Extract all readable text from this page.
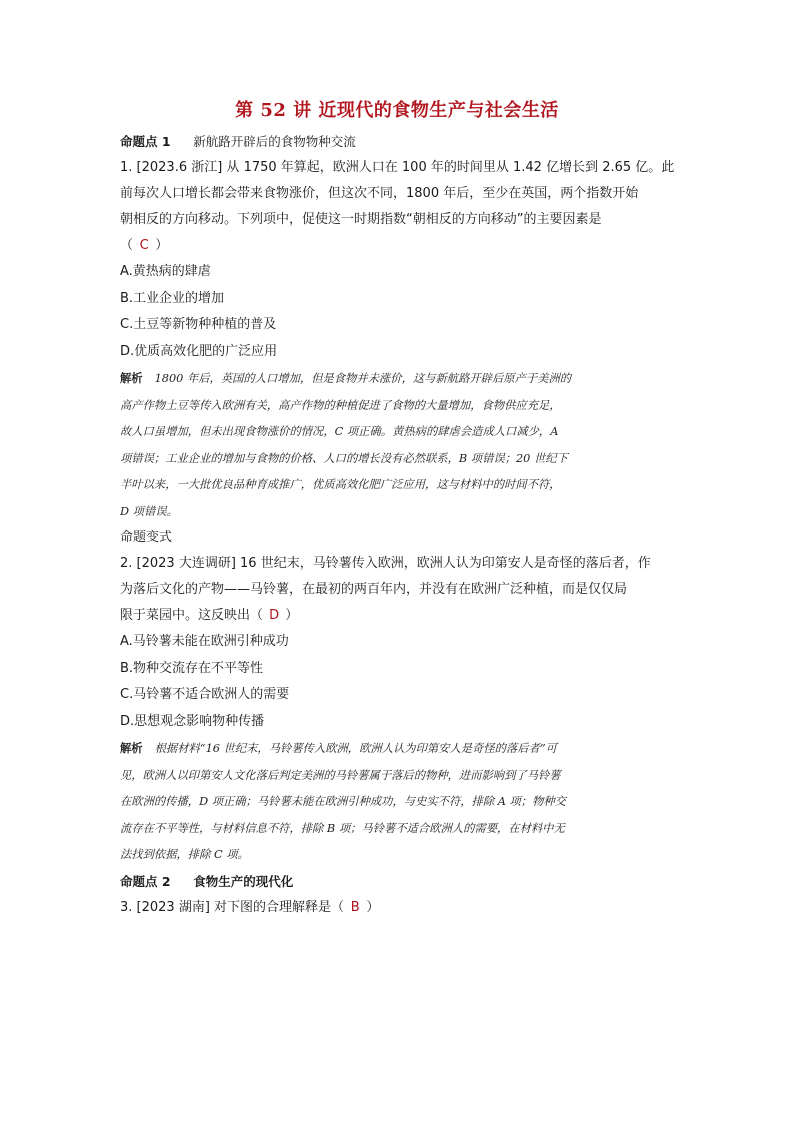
第 52 讲 近现代的食物生产与社会生活
命题点 1 新航路开辟后的食物物种交流
1. [2023.6 浙江] 从 1750 年算起，欧洲人口在 100 年的时间里从 1.42 亿增长到 2.65 亿。此
前每次人口增长都会带来食物涨价，但这次不同，1800 年后，至少在英国，两个指数开始
朝相反的方向移动。下列项中，促使这一时期指数“朝相反的方向移动”的主要因素是
（ C ）
A.黄热病的肆虐
B.工业企业的增加
C.土豆等新物种种植的普及
D.优质高效化肥的广泛应用
解析 1800 年后，英国的人口增加，但是食物并未涨价，这与新航路开辟后原产于美洲的
高产作物土豆等传入欧洲有关，高产作物的种植促进了食物的大量增加，食物供应充足，
故人口虽增加，但未出现食物涨价的情况，C 项正确。黄热病的肆虐会造成人口减少，A
项错误；工业企业的增加与食物的价格、人口的增长没有必然联系，B 项错误；20 世纪下
半叶以来，一大批优良品种育成推广，优质高效化肥广泛应用，这与材料中的时间不符，
D 项错误。
命题变式
2. [2023 大连调研] 16 世纪末，马铃薯传入欧洲，欧洲人认为印第安人是奇怪的落后者，作
为落后文化的产物——马铃薯，在最初的两百年内，并没有在欧洲广泛种植，而是仅仅局
限于菜园中。这反映出（ D ）
A.马铃薯未能在欧洲引种成功
B.物种交流存在不平等性
C.马铃薯不适合欧洲人的需要
D.思想观念影响物种传播
解析 根据材料“16 世纪末，马铃薯传入欧洲，欧洲人认为印第安人是奇怪的落后者”可
见，欧洲人以印第安人文化落后判定美洲的马铃薯属于落后的物种，进而影响到了马铃薯
在欧洲的传播，D 项正确；马铃薯未能在欧洲引种成功，与史实不符，排除 A 项；物种交
流存在不平等性，与材料信息不符，排除 B 项；马铃薯不适合欧洲人的需要，在材料中无
法找到依据，排除 C 项。
命题点 2 食物生产的现代化
3. [2023 湖南] 对下图的合理解释是（ B ）
